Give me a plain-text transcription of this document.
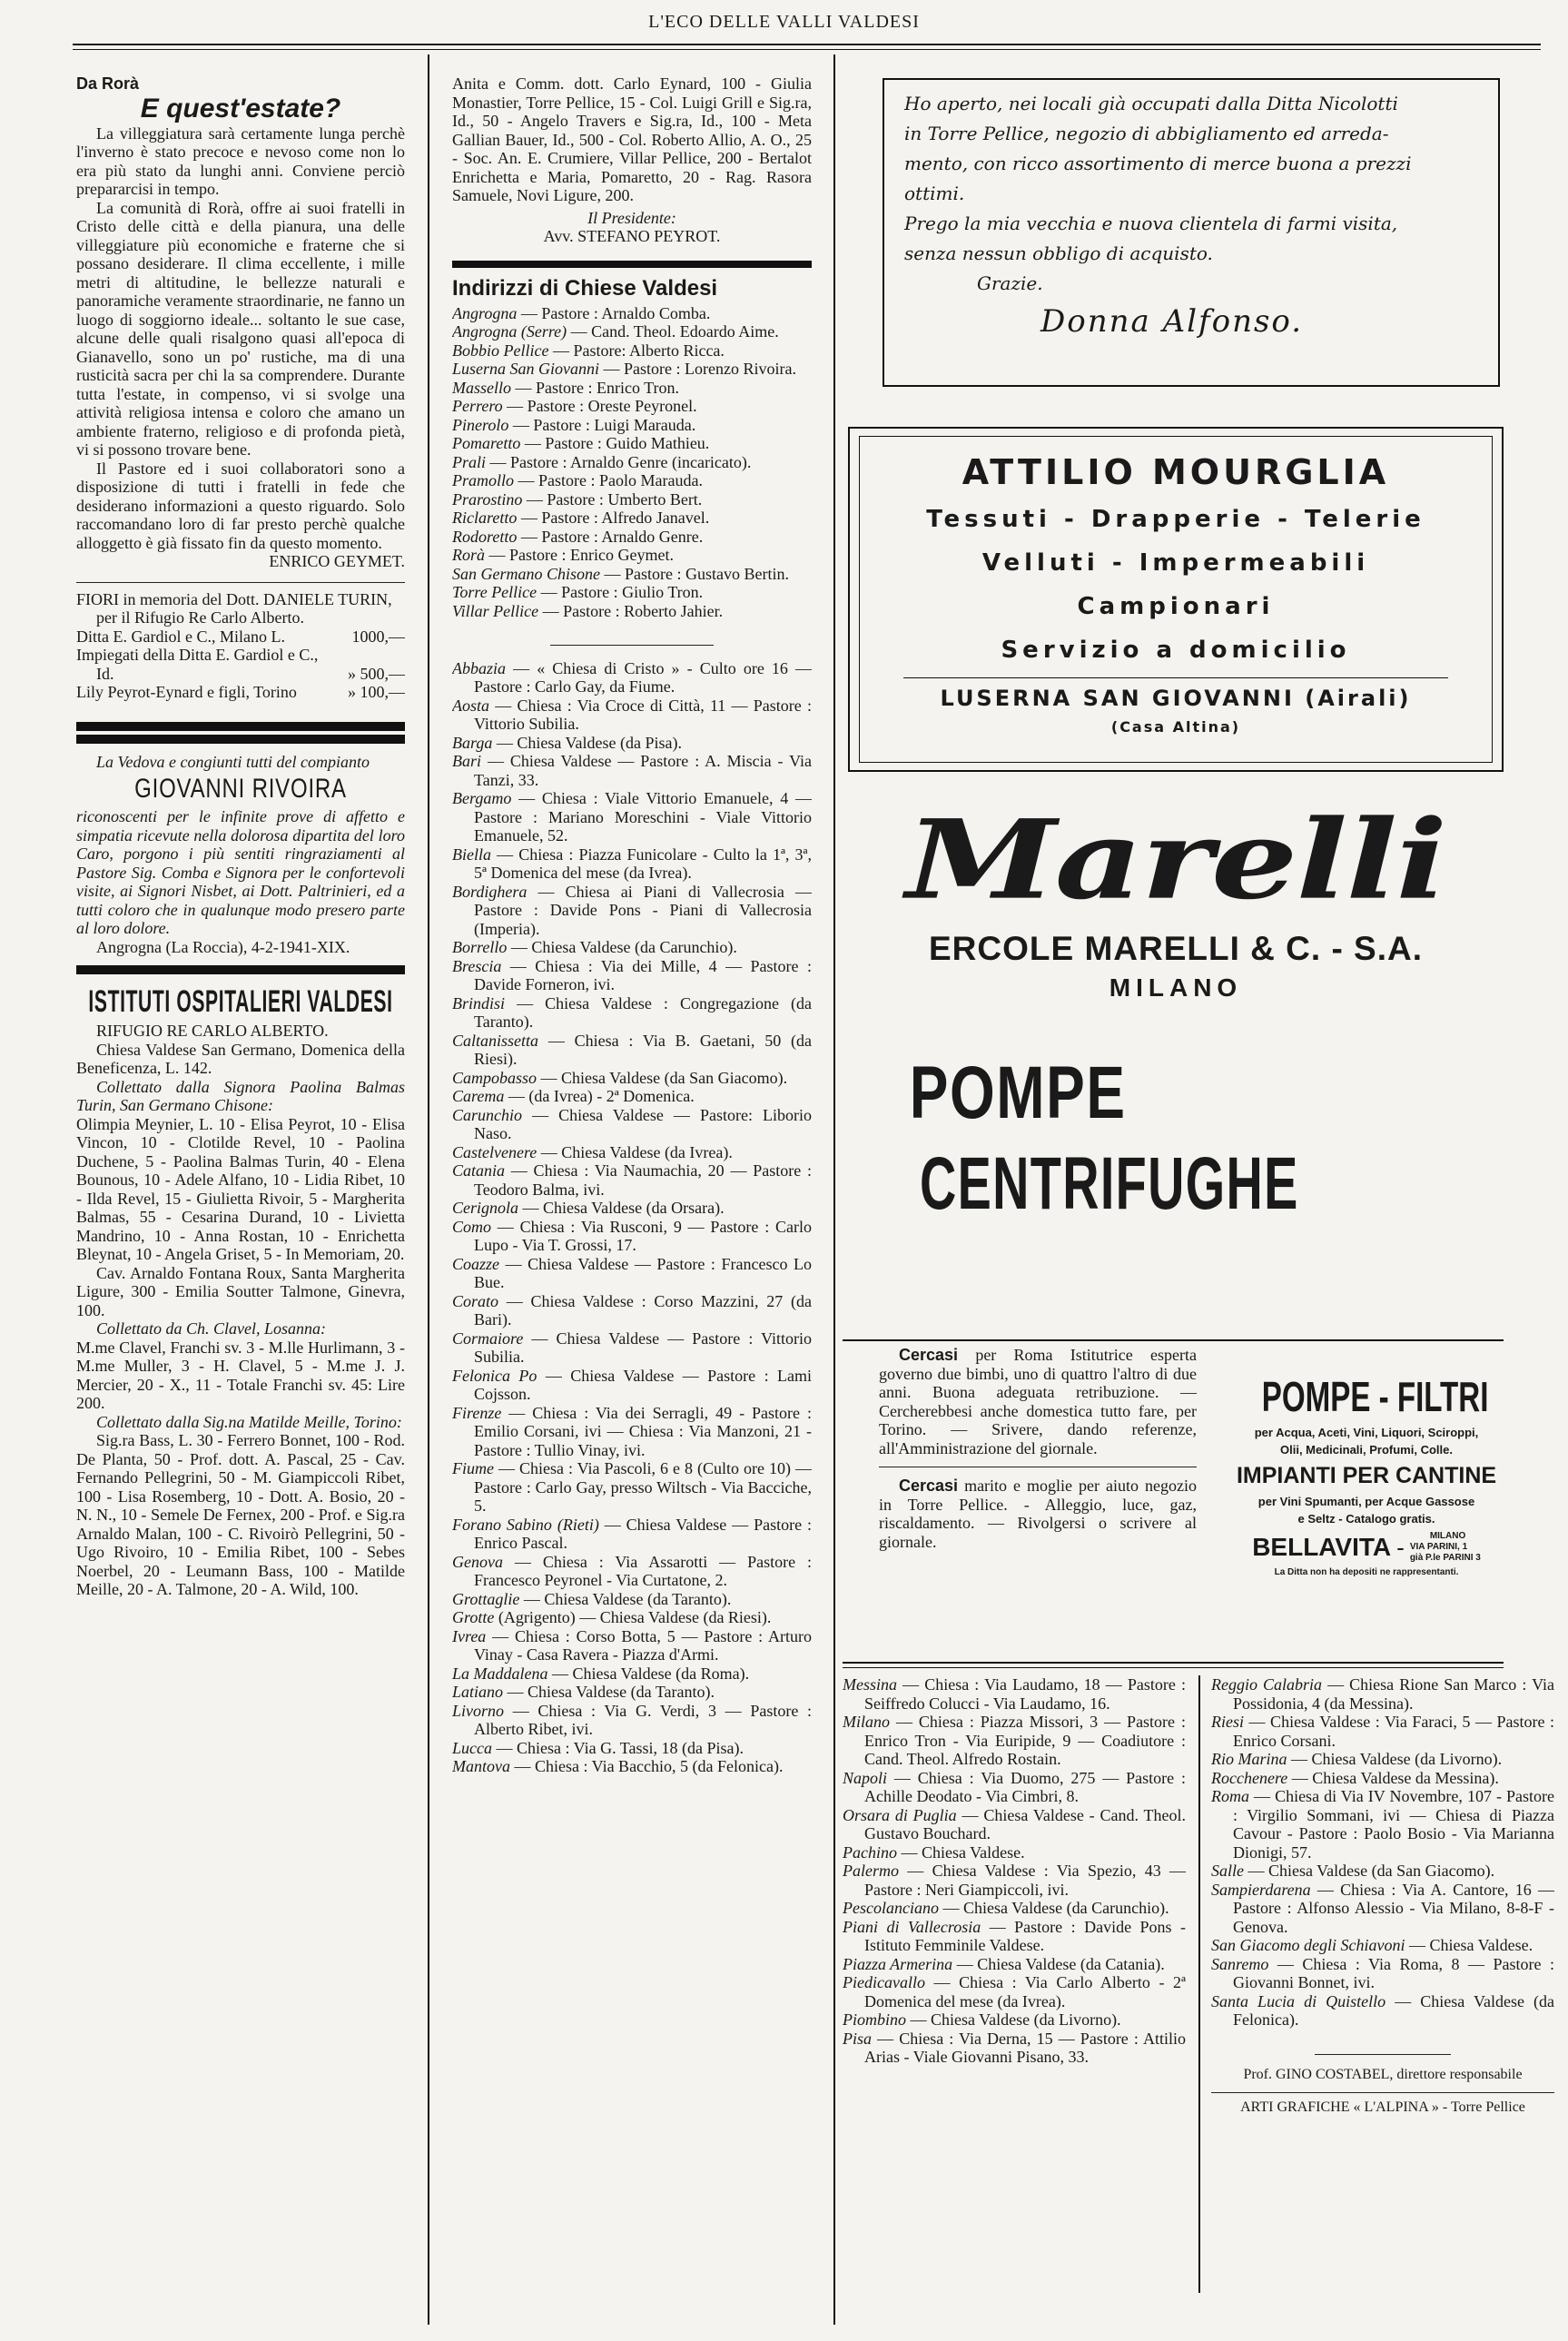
L'ECO DELLE VALLI VALDESI
Da Rorà
E quest'estate?

La villeggiatura sarà certamente lunga perchè l'inverno è stato precoce e nevoso come non lo era più stato da lunghi anni. Conviene perciò prepararcisi in tempo.

La comunità di Rorà, offre ai suoi fratelli in Cristo delle città e della pianura, una delle villeggiature più economiche e fraterne che si possano desiderare. Il clima eccellente, i mille metri di altitudine, le bellezze naturali e panoramiche veramente straordinarie, ne fanno un luogo di soggiorno ideale... soltanto le sue case, alcune delle quali risalgono quasi all'epoca di Gianavello, sono un po' rustiche, ma di una rusticità sacra per chi la sa comprendere. Durante tutta l'estate, in compenso, vi si svolge una attività religiosa intensa e coloro che amano un ambiente fraterno, religioso e di profonda pietà, vi si possono trovare bene.

Il Pastore ed i suoi collaboratori sono a disposizione di tutti i fratelli in fede che desiderano informazioni a questo riguardo. Solo raccomandano loro di far presto perchè qualche alloggetto è già fissato fin da questo momento.

ENRICO GEYMET.

FIORI in memoria del Dott. DANIELE TURIN, per il Rifugio Re Carlo Alberto.

Ditta E. Gardiol e C., Milano L.	1000,—
Impiegati della Ditta E. Gardiol e C., Id.	» 500,—
Lily Peyrot-Eynard e figli, Torino	» 100,—

La Vedova e congiunti tutti del compianto

GIOVANNI RIVOIRA

riconoscenti per le infinite prove di affetto e simpatia ricevute nella dolorosa dipartita del loro Caro, porgono i più sentiti ringraziamenti al Pastore Sig. Comba e Signora per le confortevoli visite, ai Signori Nisbet, ai Dott. Paltrinieri, ed a tutti coloro che in qualunque modo presero parte al loro dolore.

Angrogna (La Roccia), 4-2-1941-XIX.

ISTITUTI OSPITALIERI VALDESI

RIFUGIO RE CARLO ALBERTO.

Chiesa Valdese San Germano, Domenica della Beneficenza, L. 142.

Collettato dalla Signora Paolina Balmas Turin, San Germano Chisone:

Olimpia Meynier, L. 10 - Elisa Peyrot, 10 - Elisa Vincon, 10 - Clotilde Revel, 10 - Paolina Duchene, 5 - Paolina Balmas Turin, 40 - Elena Bounous, 10 - Adele Alfano, 10 - Lidia Ribet, 10 - Ilda Revel, 15 - Giulietta Rivoir, 5 - Margherita Balmas, 55 - Cesarina Durand, 10 - Livietta Mandrino, 10 - Anna Rostan, 10 - Enrichetta Bleynat, 10 - Angela Griset, 5 - In Memoriam, 20.

Cav. Arnaldo Fontana Roux, Santa Margherita Ligure, 300 - Emilia Soutter Talmone, Ginevra, 100.

Collettato da Ch. Clavel, Losanna:

M.me Clavel, Franchi sv. 3 - M.lle Hurlimann, 3 - M.me Muller, 3 - H. Clavel, 5 - M.me J. J. Mercier, 20 - X., 11 - Totale Franchi sv. 45: Lire 200.

Collettato dalla Sig.na Matilde Meille, Torino:

Sig.ra Bass, L. 30 - Ferrero Bonnet, 100 - Rod. De Planta, 50 - Prof. dott. A. Pascal, 25 - Cav. Fernando Pellegrini, 50 - M. Giampiccoli Ribet, 100 - Lisa Rosemberg, 10 - Dott. A. Bosio, 20 - N. N., 10 - Semele De Fernex, 200 - Prof. e Sig.ra Arnaldo Malan, 100 - C. Rivoirò Pellegrini, 50 - Ugo Rivoiro, 10 - Emilia Ribet, 100 - Sebes Noerbel, 20 - Leumann Bass, 100 - Matilde Meille, 20 - A. Talmone, 20 - A. Wild, 100.

Anita e Comm. dott. Carlo Eynard, 100 - Giulia Monastier, Torre Pellice, 15 - Col. Luigi Grill e Sig.ra, Id., 50 - Angelo Travers e Sig.ra, Id., 100 - Meta Gallian Bauer, Id., 500 - Col. Roberto Allio, A. O., 25 - Soc. An. E. Crumiere, Villar Pellice, 200 - Bertalot Enrichetta e Maria, Pomaretto, 20 - Rag. Rasora Samuele, Novi Ligure, 200.

Il Presidente:

Avv. STEFANO PEYROT.

Indirizzi di Chiese Valdesi

Angrogna — Pastore : Arnaldo Comba.

Angrogna (Serre) — Cand. Theol. Edoardo Aime.

Bobbio Pellice — Pastore: Alberto Ricca.

Luserna San Giovanni — Pastore : Lorenzo Rivoira.

Massello — Pastore : Enrico Tron.

Perrero — Pastore : Oreste Peyronel.

Pinerolo — Pastore : Luigi Marauda.

Pomaretto — Pastore : Guido Mathieu.

Prali — Pastore : Arnaldo Genre (incaricato).

Pramollo — Pastore : Paolo Marauda.

Prarostino — Pastore : Umberto Bert.

Riclaretto — Pastore : Alfredo Janavel.

Rodoretto — Pastore : Arnaldo Genre.

Rorà — Pastore : Enrico Geymet.

San Germano Chisone — Pastore : Gustavo Bertin.

Torre Pellice — Pastore : Giulio Tron.

Villar Pellice — Pastore : Roberto Jahier.

Abbazia — « Chiesa di Cristo » - Culto ore 16 — Pastore : Carlo Gay, da Fiume.

Aosta — Chiesa : Via Croce di Città, 11 — Pastore : Vittorio Subilia.

Barga — Chiesa Valdese (da Pisa).

Bari — Chiesa Valdese — Pastore : A. Miscia - Via Tanzi, 33.

Bergamo — Chiesa : Viale Vittorio Emanuele, 4 — Pastore : Mariano Moreschini - Viale Vittorio Emanuele, 52.

Biella — Chiesa : Piazza Funicolare - Culto la 1ª, 3ª, 5ª Domenica del mese (da Ivrea).

Bordighera — Chiesa ai Piani di Vallecrosia — Pastore : Davide Pons - Piani di Vallecrosia (Imperia).

Borrello — Chiesa Valdese (da Carunchio).

Brescia — Chiesa : Via dei Mille, 4 — Pastore : Davide Forneron, ivi.

Brindisi — Chiesa Valdese : Congregazione (da Taranto).

Caltanissetta — Chiesa : Via B. Gaetani, 50 (da Riesi).

Campobasso — Chiesa Valdese (da San Giacomo).

Carema — (da Ivrea) - 2ª Domenica.

Carunchio — Chiesa Valdese — Pastore: Liborio Naso.

Castelvenere — Chiesa Valdese (da Ivrea).

Catania — Chiesa : Via Naumachia, 20 — Pastore : Teodoro Balma, ivi.

Cerignola — Chiesa Valdese (da Orsara).

Como — Chiesa : Via Rusconi, 9 — Pastore : Carlo Lupo - Via T. Grossi, 17.

Coazze — Chiesa Valdese — Pastore : Francesco Lo Bue.

Corato — Chiesa Valdese : Corso Mazzini, 27 (da Bari).

Cormaiore — Chiesa Valdese — Pastore : Vittorio Subilia.

Felonica Po — Chiesa Valdese — Pastore : Lami Cojsson.

Firenze — Chiesa : Via dei Serragli, 49 - Pastore : Emilio Corsani, ivi — Chiesa : Via Manzoni, 21 - Pastore : Tullio Vinay, ivi.

Fiume — Chiesa : Via Pascoli, 6 e 8 (Culto ore 10) — Pastore : Carlo Gay, presso Wiltsch - Via Bacciche, 5.

Forano Sabino (Rieti) — Chiesa Valdese — Pastore : Enrico Pascal.

Genova — Chiesa : Via Assarotti — Pastore : Francesco Peyronel - Via Curtatone, 2.

Grottaglie — Chiesa Valdese (da Taranto).

Grotte (Agrigento) — Chiesa Valdese (da Riesi).

Ivrea — Chiesa : Corso Botta, 5 — Pastore : Arturo Vinay - Casa Ravera - Piazza d'Armi.

La Maddalena — Chiesa Valdese (da Roma).

Latiano — Chiesa Valdese (da Taranto).

Livorno — Chiesa : Via G. Verdi, 3 — Pastore : Alberto Ribet, ivi.

Lucca — Chiesa : Via G. Tassi, 18 (da Pisa).

Mantova — Chiesa : Via Bacchio, 5 (da Felonica).

Ho aperto, nei locali già occupati dalla Ditta Nicolotti
in Torre Pellice, negozio di abbigliamento ed arreda-
mento, con ricco assortimento di merce buona a prezzi
ottimi.
Prego la mia vecchia e nuova clientela di farmi visita,
senza nessun obbligo di acquisto.
Grazie.
Donna Alfonso.
ATTILIO MOURGLIA
Tessuti - Drapperie - Telerie
Velluti - Impermeabili
Campionari
Servizio a domicilio
LUSERNA SAN GIOVANNI (Airali)
(Casa Altina)
Marelli
ERCOLE MARELLI & C. - S.A.
MILANO
POMPE
CENTRIFUGHE

Cercasi per Roma Istitutrice esperta governo due bimbi, uno di quattro l'altro di due anni. Buona adeguata retribuzione. — Cercherebbesi anche domestica tutto fare, per Torino. — Srivere, dando referenze, all'Amministrazione del giornale.

Cercasi marito e moglie per aiuto negozio in Torre Pellice. - Alleggio, luce, gaz, riscaldamento. — Rivolgersi o scrivere al giornale.

POMPE - FILTRI
per Acqua, Aceti, Vini, Liquori, Sciroppi,
Olii, Medicinali, Profumi, Colle.
IMPIANTI PER CANTINE
per Vini Spumanti, per Acque Gassose
e Seltz - Catalogo gratis.
BELLAVITA -	MILANO
VIA PARINI, 1
già P.le PARINI 3
La Ditta non ha depositi ne rappresentanti.

Messina — Chiesa : Via Laudamo, 18 — Pastore : Seiffredo Colucci - Via Laudamo, 16.

Milano — Chiesa : Piazza Missori, 3 — Pastore : Enrico Tron - Via Euripide, 9 — Coadiutore : Cand. Theol. Alfredo Rostain.

Napoli — Chiesa : Via Duomo, 275 — Pastore : Achille Deodato - Via Cimbri, 8.

Orsara di Puglia — Chiesa Valdese - Cand. Theol. Gustavo Bouchard.

Pachino — Chiesa Valdese.

Palermo — Chiesa Valdese : Via Spezio, 43 — Pastore : Neri Giampiccoli, ivi.

Pescolanciano — Chiesa Valdese (da Carunchio).

Piani di Vallecrosia — Pastore : Davide Pons - Istituto Femminile Valdese.

Piazza Armerina — Chiesa Valdese (da Catania).

Piedicavallo — Chiesa : Via Carlo Alberto - 2ª Domenica del mese (da Ivrea).

Piombino — Chiesa Valdese (da Livorno).

Pisa — Chiesa : Via Derna, 15 — Pastore : Attilio Arias - Viale Giovanni Pisano, 33.

Reggio Calabria — Chiesa Rione San Marco : Via Possidonia, 4 (da Messina).

Riesi — Chiesa Valdese : Via Faraci, 5 — Pastore : Enrico Corsani.

Rio Marina — Chiesa Valdese (da Livorno).

Rocchenere — Chiesa Valdese da Messina).

Roma — Chiesa di Via IV Novembre, 107 - Pastore : Virgilio Sommani, ivi — Chiesa di Piazza Cavour - Pastore : Paolo Bosio - Via Marianna Dionigi, 57.

Salle — Chiesa Valdese (da San Giacomo).

Sampierdarena — Chiesa : Via A. Cantore, 16 — Pastore : Alfonso Alessio - Via Milano, 8-8-F - Genova.

San Giacomo degli Schiavoni — Chiesa Valdese.

Sanremo — Chiesa : Via Roma, 8 — Pastore : Giovanni Bonnet, ivi.

Santa Lucia di Quistello — Chiesa Valdese (da Felonica).

Prof. GINO COSTABEL, direttore responsabile
ARTI GRAFICHE « L'ALPINA » - Torre Pellice
